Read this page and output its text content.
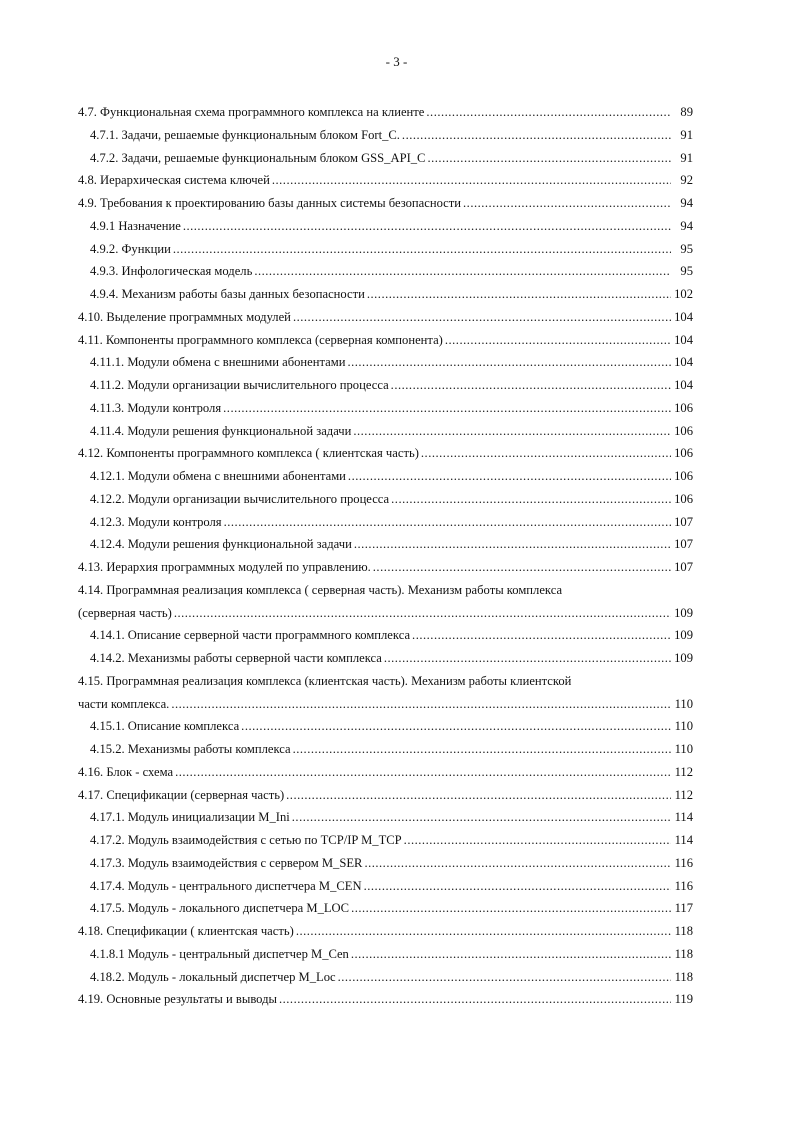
- 3 -
4.7. Функциональная схема программного комплекса на клиенте .....	89
4.7.1. Задачи, решаемые функциональным блоком Fort_C. .....	91
4.7.2. Задачи, решаемые функциональным блоком GSS_API_C .....	91
4.8. Иерархическая система ключей .....	92
4.9. Требования к проектированию базы данных системы безопасности .....	94
4.9.1 Назначение .....	94
4.9.2. Функции .....	95
4.9.3. Инфологическая модель .....	95
4.9.4. Механизм работы базы данных безопасности .....	102
4.10. Выделение программных модулей .....	104
4.11. Компоненты программного комплекса (серверная компонента) .....	104
4.11.1. Модули обмена с внешними абонентами .....	104
4.11.2. Модули организации вычислительного процесса .....	104
4.11.3. Модули контроля .....	106
4.11.4. Модули решения функциональной задачи .....	106
4.12. Компоненты программного комплекса ( клиентская часть) .....	106
4.12.1. Модули обмена с внешними абонентами .....	106
4.12.2. Модули организации вычислительного процесса .....	106
4.12.3. Модули контроля .....	107
4.12.4. Модули решения функциональной задачи .....	107
4.13. Иерархия программных модулей по управлению. .....	107
4.14. Программная реализация комплекса ( серверная часть). Механизм работы комплекса
(серверная часть) .....	109
4.14.1. Описание серверной части программного комплекса .....	109
4.14.2. Механизмы работы серверной части комплекса .....	109
4.15. Программная реализация комплекса (клиентская часть). Механизм работы клиентской
части комплекса. .....	110
4.15.1. Описание комплекса .....	110
4.15.2. Механизмы работы комплекса .....	110
4.16. Блок - схема .....	112
4.17. Спецификации (серверная часть) .....	112
4.17.1. Модуль инициализации M_Ini .....	114
4.17.2. Модуль взаимодействия с сетью по TCP/IP M_TCP .....	114
4.17.3. Модуль взаимодействия с сервером M_SER .....	116
4.17.4. Модуль - центрального диспетчера M_CEN .....	116
4.17.5. Модуль - локального диспетчера M_LOC .....	117
4.18. Спецификации ( клиентская часть) .....	118
4.1.8.1 Модуль - центральный диспетчер M_Cen .....	118
4.18.2. Модуль - локальный диспетчер M_Loc .....	118
4.19. Основные результаты и выводы .....	119
